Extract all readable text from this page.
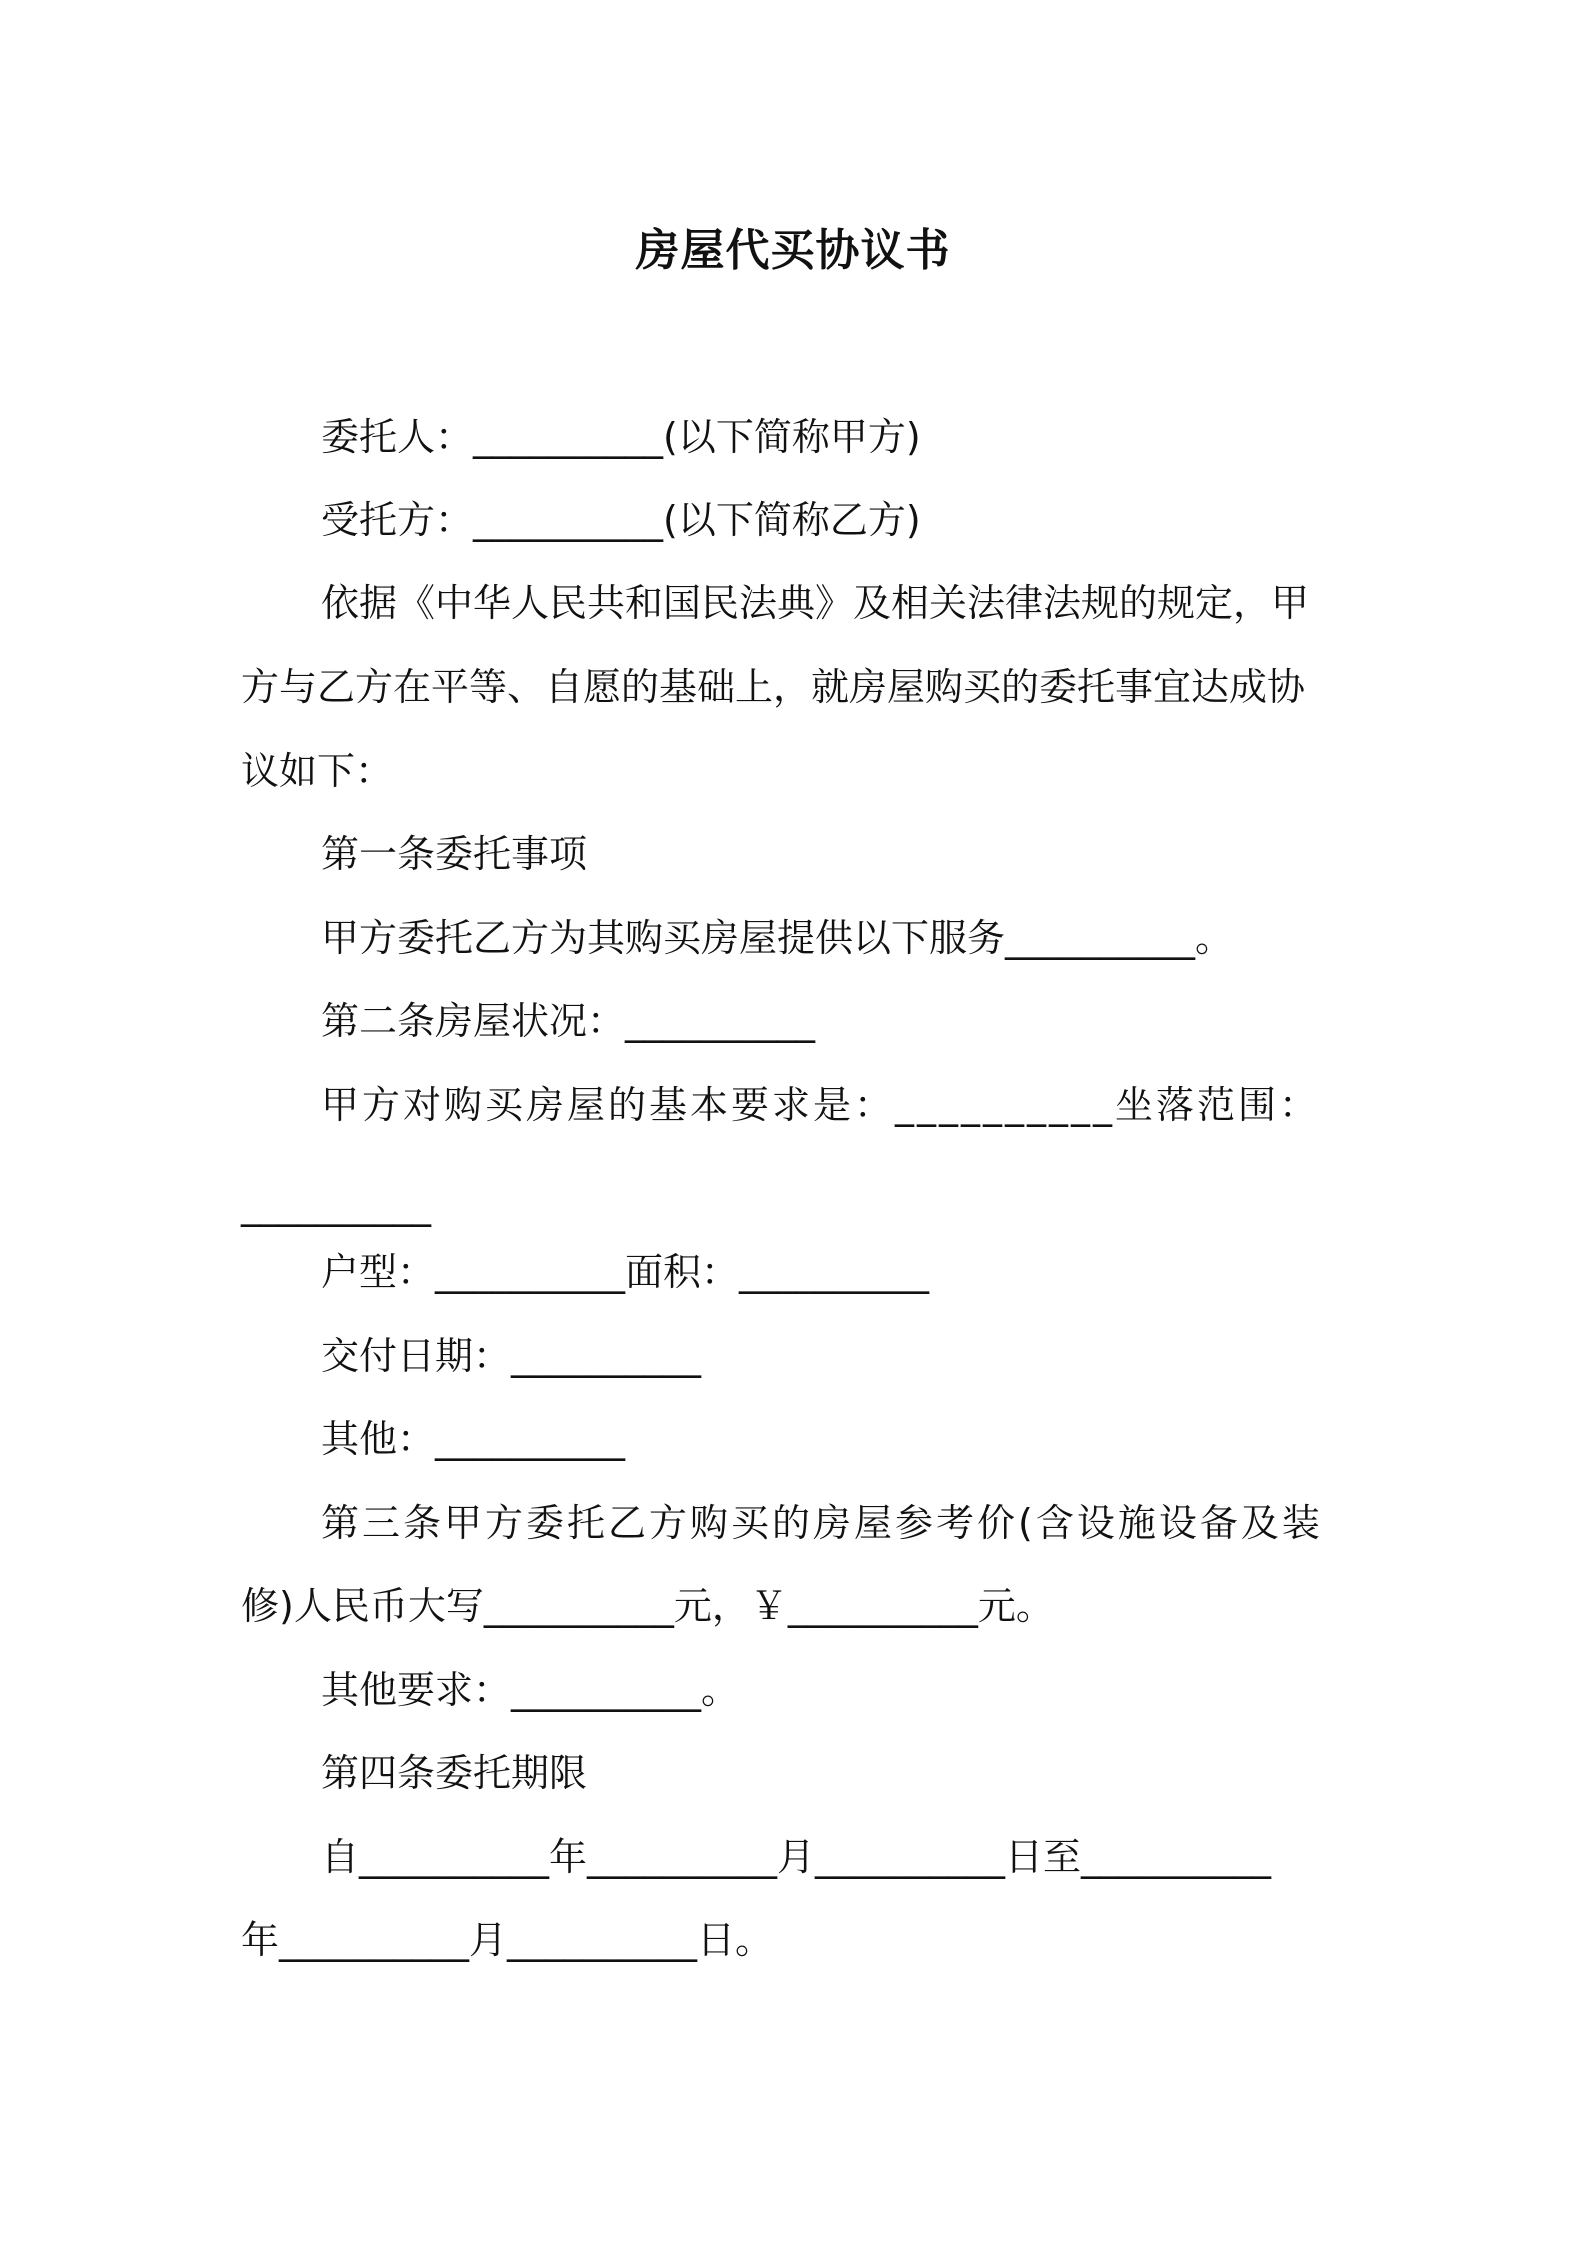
房屋代买协议书

委托人：__________(以下简称甲方)

受托方：__________(以下简称乙方)

依据《中华人民共和国民法典》及相关法律法规的规定，甲

方与乙方在平等、自愿的基础上，就房屋购买的委托事宜达成协

议如下：

第一条委托事项

甲方委托乙方为其购买房屋提供以下服务__________。

第二条房屋状况：__________

甲方对购买房屋的基本要求是：__________坐落范围：

__________

户型：__________面积：__________

交付日期：__________

其他：__________

第三条甲方委托乙方购买的房屋参考价(含设施设备及装

修)人民币大写__________元，￥__________元。

其他要求：__________。

第四条委托期限

自__________年__________月__________日至__________

年__________月__________日。
